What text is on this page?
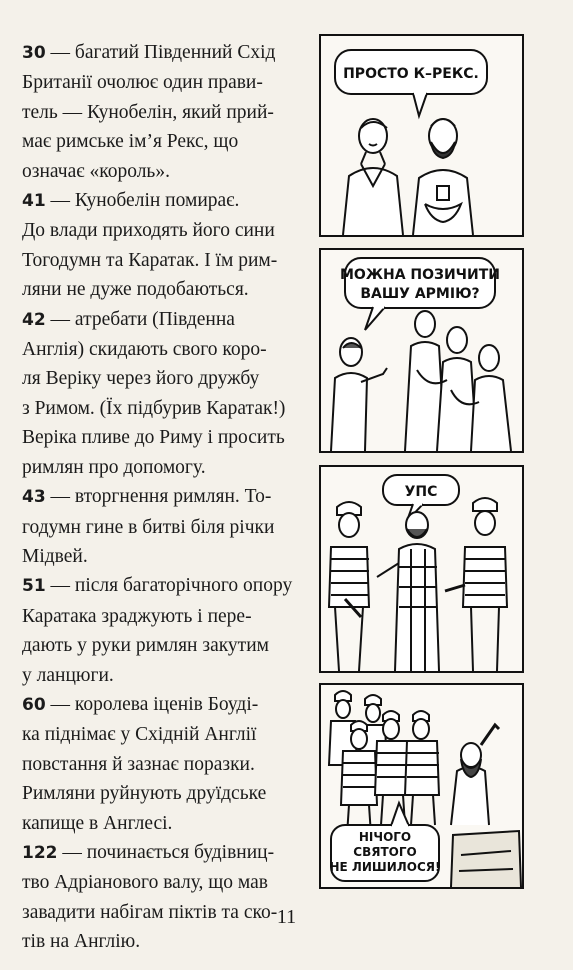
30 — багатий Південний Схід
Британії очолює один прави-
тель — Кунобелін, який прий-
має римське ім’я Рекс, що
означає «король».

41 — Кунобелін помирає.
До влади приходять його сини
Тогодумн та Каратак. І їм рим-
ляни не дуже подобаються.

42 — атребати (Південна
Англія) скидають свого коро-
ля Веріку через його дружбу
з Римом. (Їх підбурив Каратак!)
Веріка пливе до Риму і просить
римлян про допомогу.

43 — вторгнення римлян. То-
годумн гине в битві біля річки
Мідвей.

51 — після багаторічного опору
Каратака зраджують і пере-
дають у руки римлян закутим
у ланцюги.

60 — королева іценів Боуді-
ка піднімає у Східній Англії
повстання й зазнає поразки.
Римляни руйнують друїдське
капище в Англесі.

122 — починається будівниц-
тво Адріанового валу, що мав
завадити набігам піктів та ско-
тів на Англію.

ПРОСТО К–РЕКС.
МОЖНА ПОЗИЧИТИ
ВАШУ АРМІЮ?
УПС
НІЧОГО
СВЯТОГО
НЕ ЛИШИЛОСЯ!
11
